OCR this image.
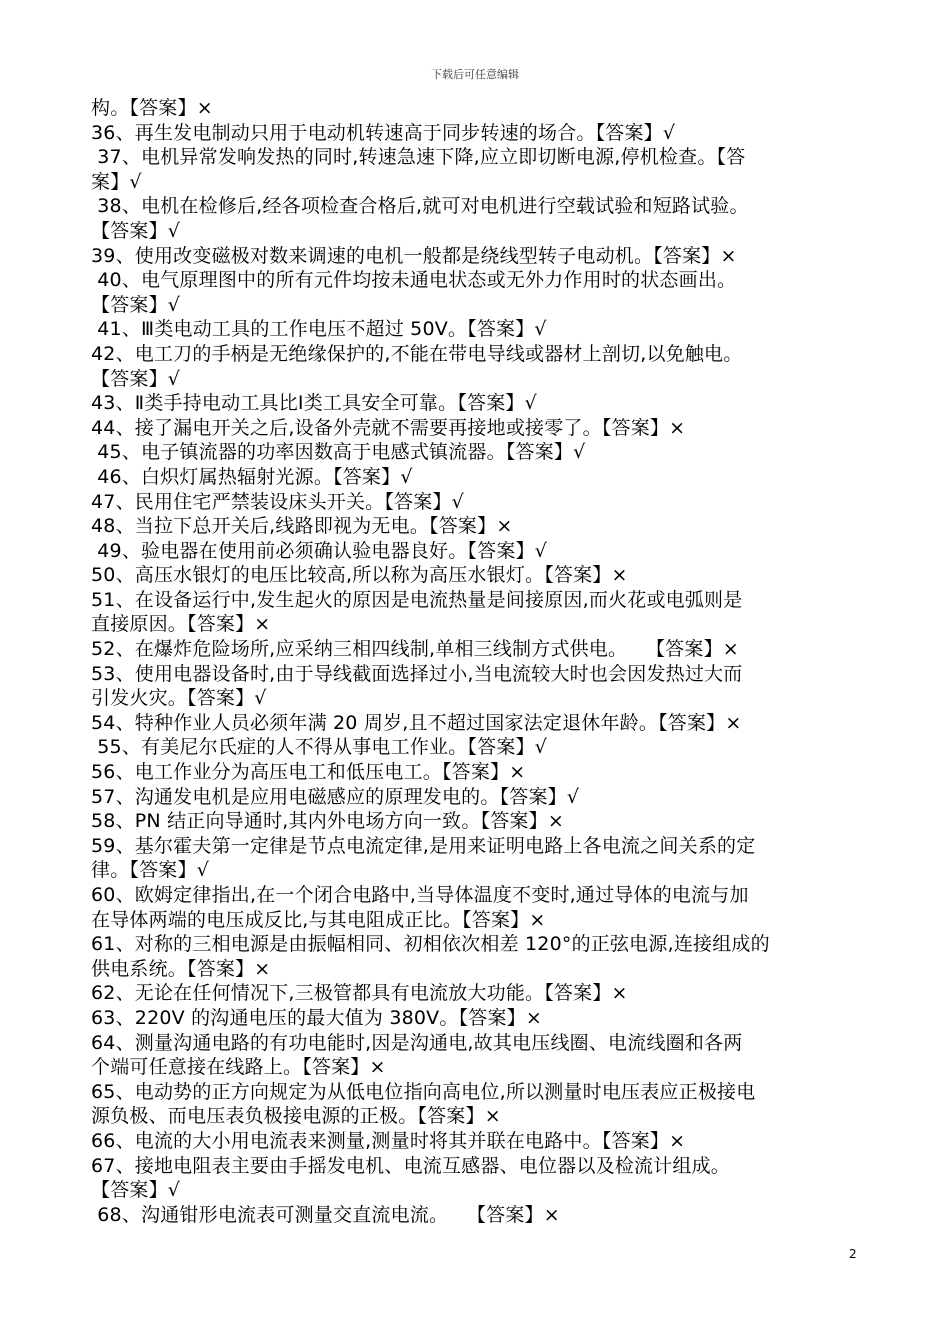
下载后可任意编辑
构。【答案】×
36、再生发电制动只用于电动机转速高于同步转速的场合。【答案】√
37、电机异常发响发热的同时,转速急速下降,应立即切断电源,停机检查。【答
案】√
38、电机在检修后,经各项检查合格后,就可对电机进行空载试验和短路试验。
【答案】√
39、使用改变磁极对数来调速的电机一般都是绕线型转子电动机。【答案】×
40、电气原理图中的所有元件均按未通电状态或无外力作用时的状态画出。
【答案】√
41、Ⅲ类电动工具的工作电压不超过 50V。【答案】√
42、电工刀的手柄是无绝缘保护的,不能在带电导线或器材上剖切,以免触电。
【答案】√
43、Ⅱ类手持电动工具比Ⅰ类工具安全可靠。【答案】√
44、接了漏电开关之后,设备外壳就不需要再接地或接零了。【答案】×
45、电子镇流器的功率因数高于电感式镇流器。【答案】√
46、白炽灯属热辐射光源。【答案】√
47、民用住宅严禁装设床头开关。【答案】√
48、当拉下总开关后,线路即视为无电。【答案】×
49、验电器在使用前必须确认验电器良好。【答案】√
50、高压水银灯的电压比较高,所以称为高压水银灯。【答案】×
51、在设备运行中,发生起火的原因是电流热量是间接原因,而火花或电弧则是
直接原因。【答案】×
52、在爆炸危险场所,应采纳三相四线制,单相三线制方式供电。   【答案】×
53、使用电器设备时,由于导线截面选择过小,当电流较大时也会因发热过大而
引发火灾。【答案】√
54、特种作业人员必须年满 20 周岁,且不超过国家法定退休年龄。【答案】×
55、有美尼尔氏症的人不得从事电工作业。【答案】√
56、电工作业分为高压电工和低压电工。【答案】×
57、沟通发电机是应用电磁感应的原理发电的。【答案】√
58、PN 结正向导通时,其内外电场方向一致。【答案】×
59、基尔霍夫第一定律是节点电流定律,是用来证明电路上各电流之间关系的定
律。【答案】√
60、欧姆定律指出,在一个闭合电路中,当导体温度不变时,通过导体的电流与加
在导体两端的电压成反比,与其电阻成正比。【答案】×
61、对称的三相电源是由振幅相同、初相依次相差 120°的正弦电源,连接组成的
供电系统。【答案】×
62、无论在任何情况下,三极管都具有电流放大功能。【答案】×
63、220V 的沟通电压的最大值为 380V。【答案】×
64、测量沟通电路的有功电能时,因是沟通电,故其电压线圈、电流线圈和各两
个端可任意接在线路上。【答案】×
65、电动势的正方向规定为从低电位指向高电位,所以测量时电压表应正极接电
源负极、而电压表负极接电源的正极。【答案】×
66、电流的大小用电流表来测量,测量时将其并联在电路中。【答案】×
67、接地电阻表主要由手摇发电机、电流互感器、电位器以及检流计组成。
【答案】√
68、沟通钳形电流表可测量交直流电流。   【答案】×
2
